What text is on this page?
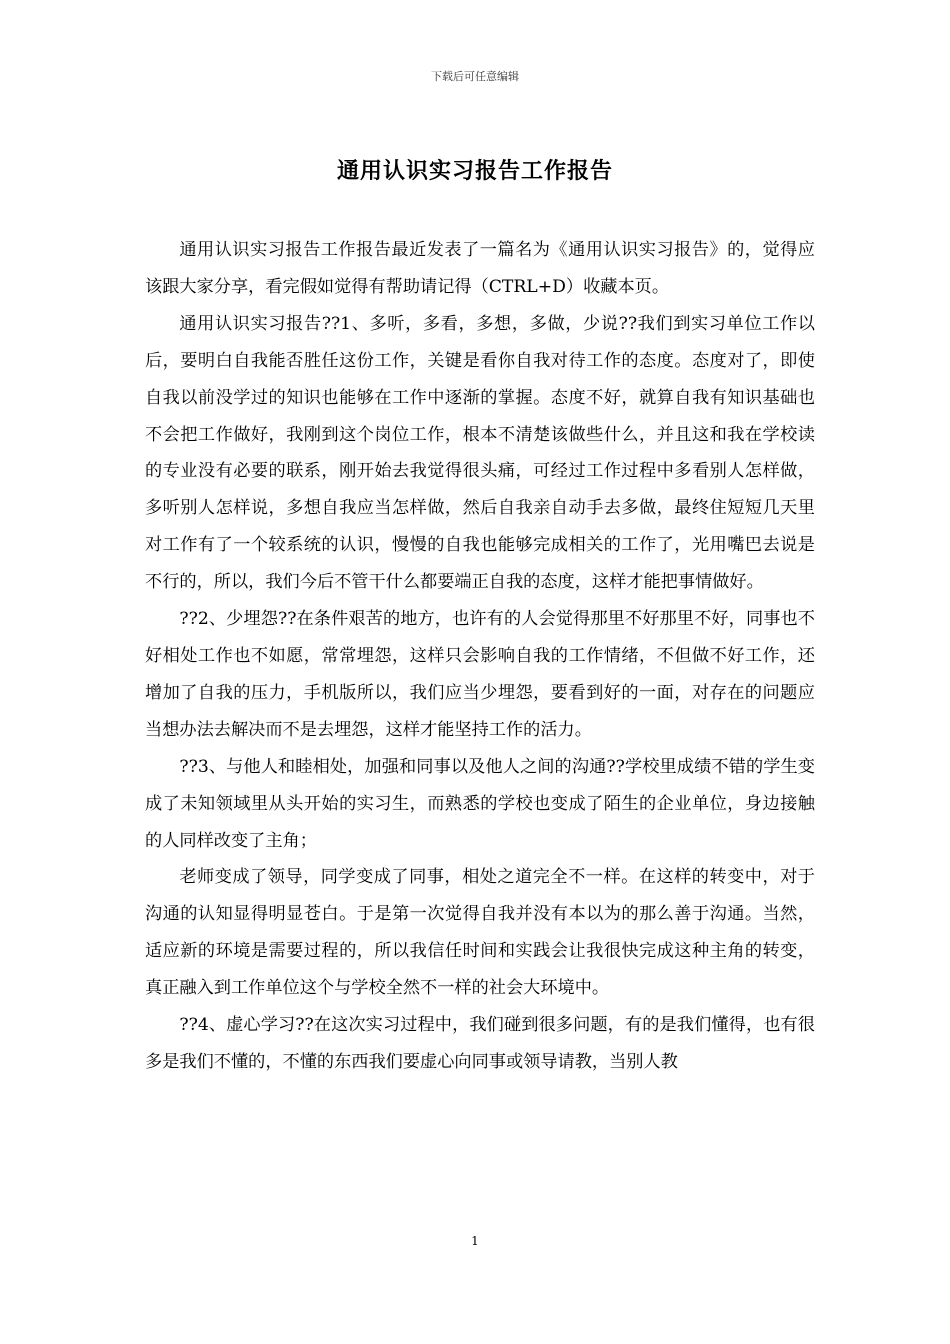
下载后可任意编辑
通用认识实习报告工作报告

通用认识实习报告工作报告最近发表了一篇名为《通用认识实习报告》的，觉得应该跟大家分享，看完假如觉得有帮助请记得（CTRL+D）收藏本页。

通用认识实习报告??1、多听，多看，多想，多做，少说??我们到实习单位工作以后，要明白自我能否胜任这份工作，关键是看你自我对待工作的态度。态度对了，即使自我以前没学过的知识也能够在工作中逐渐的掌握。态度不好，就算自我有知识基础也不会把工作做好，我刚到这个岗位工作，根本不清楚该做些什么，并且这和我在学校读的专业没有必要的联系，刚开始去我觉得很头痛，可经过工作过程中多看别人怎样做，多听别人怎样说，多想自我应当怎样做，然后自我亲自动手去多做，最终住短短几天里对工作有了一个较系统的认识，慢慢的自我也能够完成相关的工作了，光用嘴巴去说是不行的，所以，我们今后不管干什么都要端正自我的态度，这样才能把事情做好。

??2、少埋怨??在条件艰苦的地方，也许有的人会觉得那里不好那里不好，同事也不好相处工作也不如愿，常常埋怨，这样只会影响自我的工作情绪，不但做不好工作，还增加了自我的压力，手机版所以，我们应当少埋怨，要看到好的一面，对存在的问题应当想办法去解决而不是去埋怨，这样才能坚持工作的活力。

??3、与他人和睦相处，加强和同事以及他人之间的沟通??学校里成绩不错的学生变成了未知领域里从头开始的实习生，而熟悉的学校也变成了陌生的企业单位，身边接触的人同样改变了主角；

老师变成了领导，同学变成了同事，相处之道完全不一样。在这样的转变中，对于沟通的认知显得明显苍白。于是第一次觉得自我并没有本以为的那么善于沟通。当然，适应新的环境是需要过程的，所以我信任时间和实践会让我很快完成这种主角的转变，真正融入到工作单位这个与学校全然不一样的社会大环境中。

??4、虚心学习??在这次实习过程中，我们碰到很多问题，有的是我们懂得，也有很多是我们不懂的，不懂的东西我们要虚心向同事或领导请教，当别人教

1
